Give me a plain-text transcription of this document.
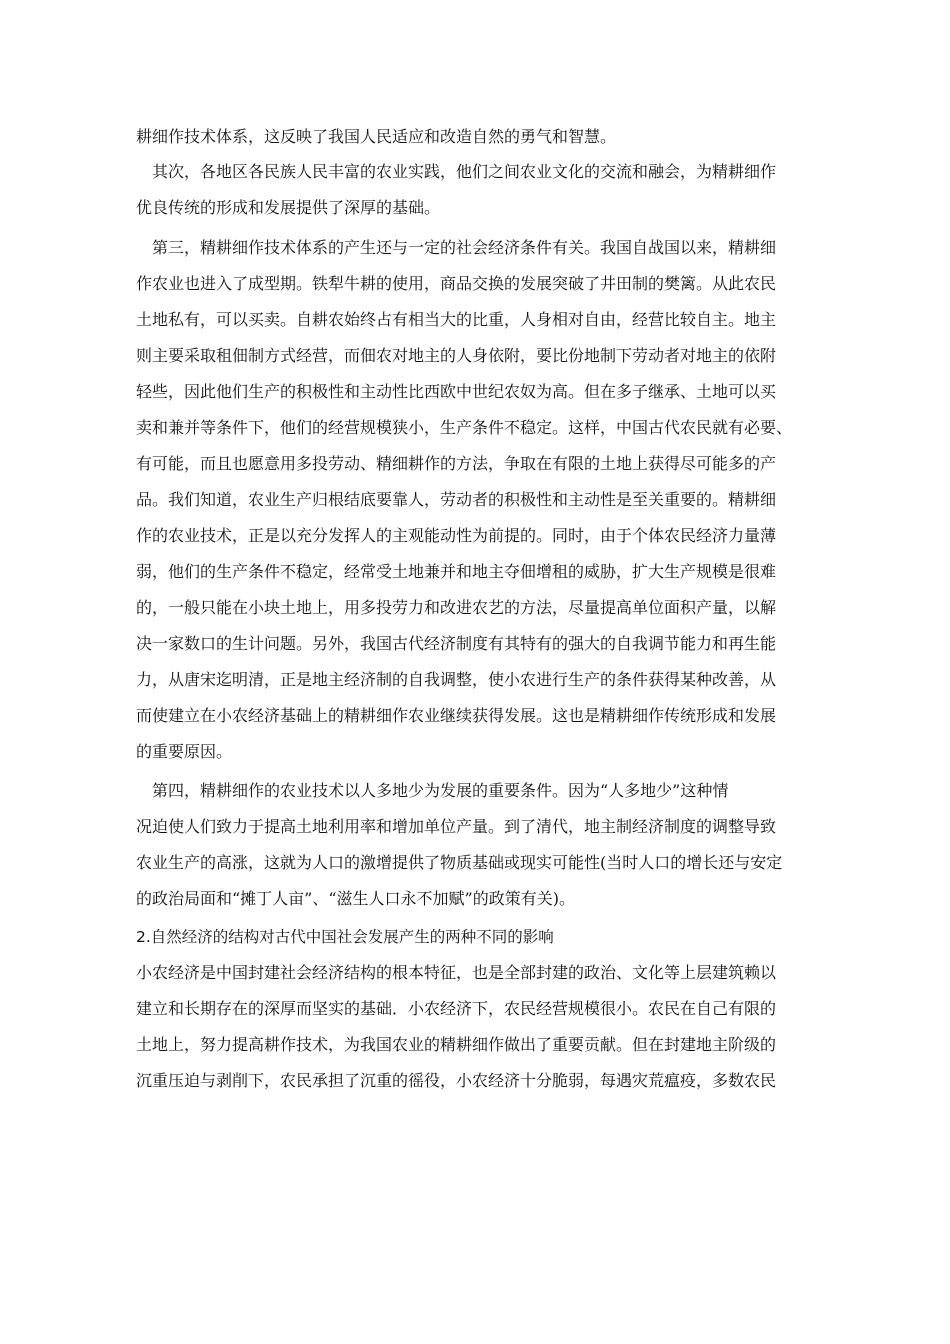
耕细作技术体系，这反映了我国人民适应和改造自然的勇气和智慧。
　其次，各地区各民族人民丰富的农业实践，他们之间农业文化的交流和融会，为精耕细作
优良传统的形成和发展提供了深厚的基础。
　第三，精耕细作技术体系的产生还与一定的社会经济条件有关。我国自战国以来，精耕细
作农业也进入了成型期。铁犁牛耕的使用，商品交换的发展突破了井田制的樊篱。从此农民
土地私有，可以买卖。自耕农始终占有相当大的比重，人身相对自由，经营比较自主。地主
则主要采取租佃制方式经营，而佃农对地主的人身依附，要比份地制下劳动者对地主的依附
轻些，因此他们生产的积极性和主动性比西欧中世纪农奴为高。但在多子继承、土地可以买
卖和兼并等条件下，他们的经营规模狭小，生产条件不稳定。这样，中国古代农民就有必要、
有可能，而且也愿意用多投劳动、精细耕作的方法，争取在有限的土地上获得尽可能多的产
品。我们知道，农业生产归根结底要靠人，劳动者的积极性和主动性是至关重要的。精耕细
作的农业技术，正是以充分发挥人的主观能动性为前提的。同时，由于个体农民经济力量薄
弱，他们的生产条件不稳定，经常受土地兼并和地主夺佃增租的威胁，扩大生产规模是很难
的，一般只能在小块土地上，用多投劳力和改进农艺的方法，尽量提高单位面积产量，以解
决一家数口的生计问题。另外，我国古代经济制度有其特有的强大的自我调节能力和再生能
力，从唐宋迄明清，正是地主经济制的自我调整，使小农进行生产的条件获得某种改善，从
而使建立在小农经济基础上的精耕细作农业继续获得发展。这也是精耕细作传统形成和发展
的重要原因。
　第四，精耕细作的农业技术以人多地少为发展的重要条件。因为“人多地少”这种情
况迫使人们致力于提高土地利用率和增加单位产量。到了清代，地主制经济制度的调整导致
农业生产的高涨，这就为人口的激增提供了物质基础或现实可能性(当时人口的增长还与安定
的政治局面和“摊丁人亩”、“滋生人口永不加赋”的政策有关)。
2.自然经济的结构对古代中国社会发展产生的两种不同的影响
小农经济是中国封建社会经济结构的根本特征，也是全部封建的政治、文化等上层建筑赖以
建立和长期存在的深厚而坚实的基础．小农经济下，农民经营规模很小。农民在自己有限的
土地上，努力提高耕作技术，为我国农业的精耕细作做出了重要贡献。但在封建地主阶级的
沉重压迫与剥削下，农民承担了沉重的徭役，小农经济十分脆弱，每遇灾荒瘟疫，多数农民
